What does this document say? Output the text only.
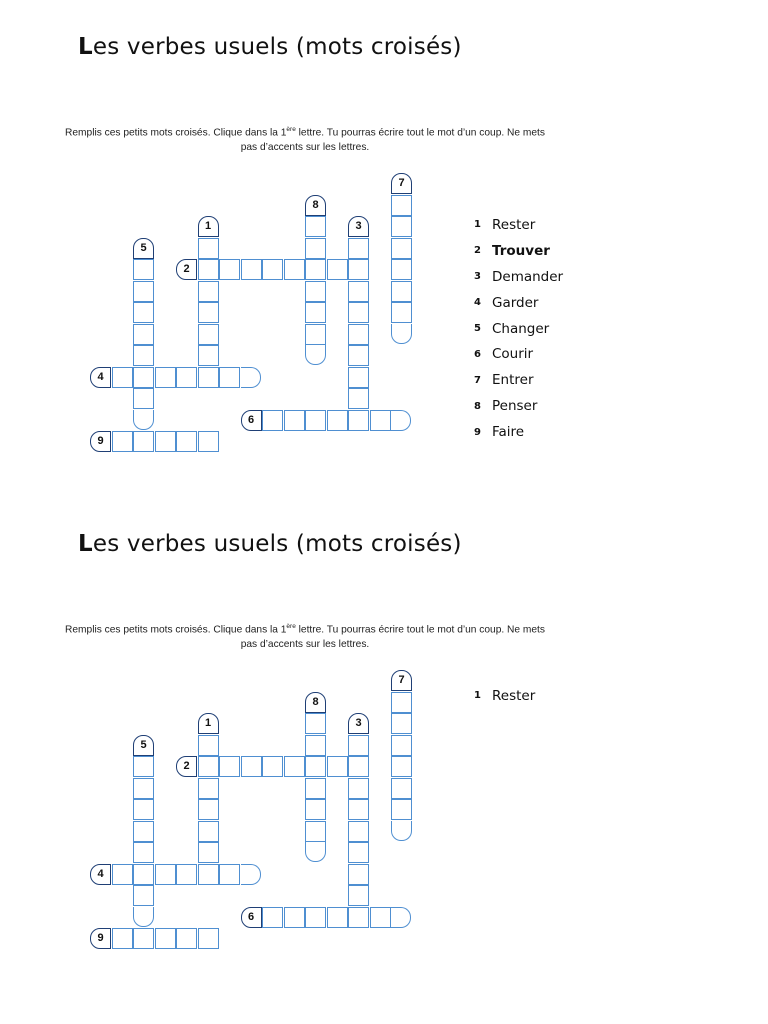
Les verbes usuels (mots croisés)
Remplis ces petits mots croisés. Clique dans la 1ère lettre. Tu pourras écrire tout le mot d’un coup. Ne mets pas d’accents sur les lettres.
1
2
3
4
5
6
7
8
9
1 Rester
2 Trouver
3 Demander
4 Garder
5 Changer
6 Courir
7 Entrer
8 Penser
9 Faire
Les verbes usuels (mots croisés)
Remplis ces petits mots croisés. Clique dans la 1ère lettre. Tu pourras écrire tout le mot d’un coup. Ne mets pas d’accents sur les lettres.
1
2
3
4
5
6
7
8
9
1 Rester
